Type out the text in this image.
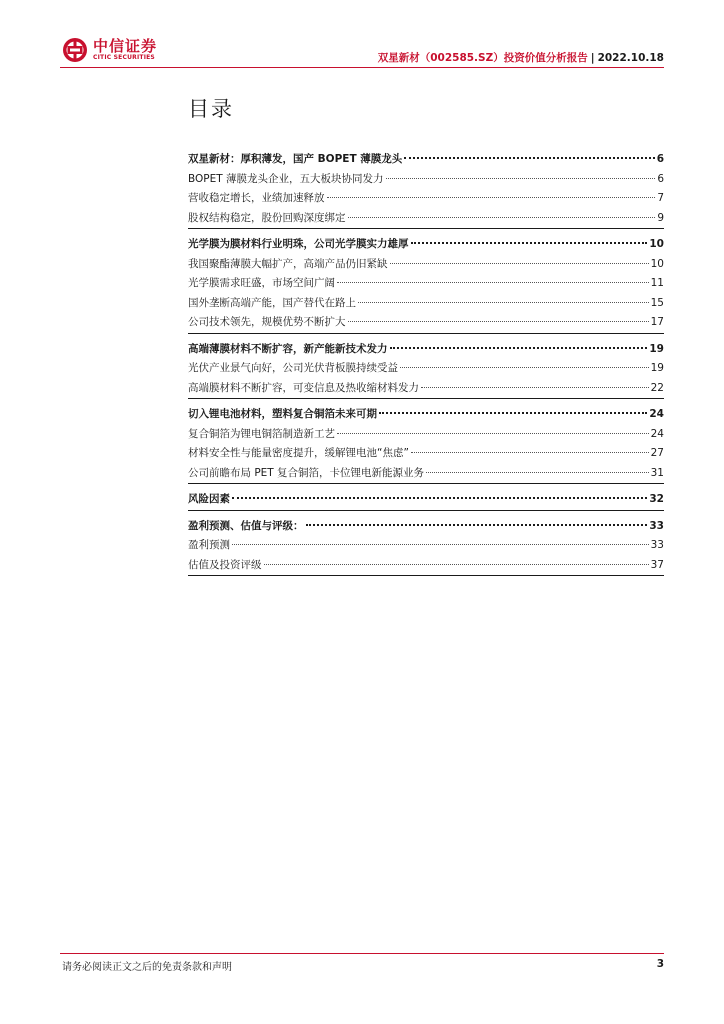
中信证券
CITIC SECURITIES	双星新材（002585.SZ）投资价值分析报告 | 2022.10.18
目录
双星新材：厚积薄发，国产 BOPET 薄膜龙头	6
BOPET 薄膜龙头企业，五大板块协同发力	6
营收稳定增长，业绩加速释放	7
股权结构稳定，股份回购深度绑定	9
光学膜为膜材料行业明珠，公司光学膜实力雄厚	10
我国聚酯薄膜大幅扩产，高端产品仍旧紧缺	10
光学膜需求旺盛，市场空间广阔	11
国外垄断高端产能，国产替代在路上	15
公司技术领先，规模优势不断扩大	17
高端薄膜材料不断扩容，新产能新技术发力	19
光伏产业景气向好，公司光伏背板膜持续受益	19
高端膜材料不断扩容，可变信息及热收缩材料发力	22
切入锂电池材料，塑料复合铜箔未来可期	24
复合铜箔为锂电铜箔制造新工艺	24
材料安全性与能量密度提升，缓解锂电池“焦虑”	27
公司前瞻布局 PET 复合铜箔，卡位锂电新能源业务	31
风险因素	32
盈利预测、估值与评级：	33
盈利预测	33
估值及投资评级	37
请务必阅读正文之后的免责条款和声明	3
